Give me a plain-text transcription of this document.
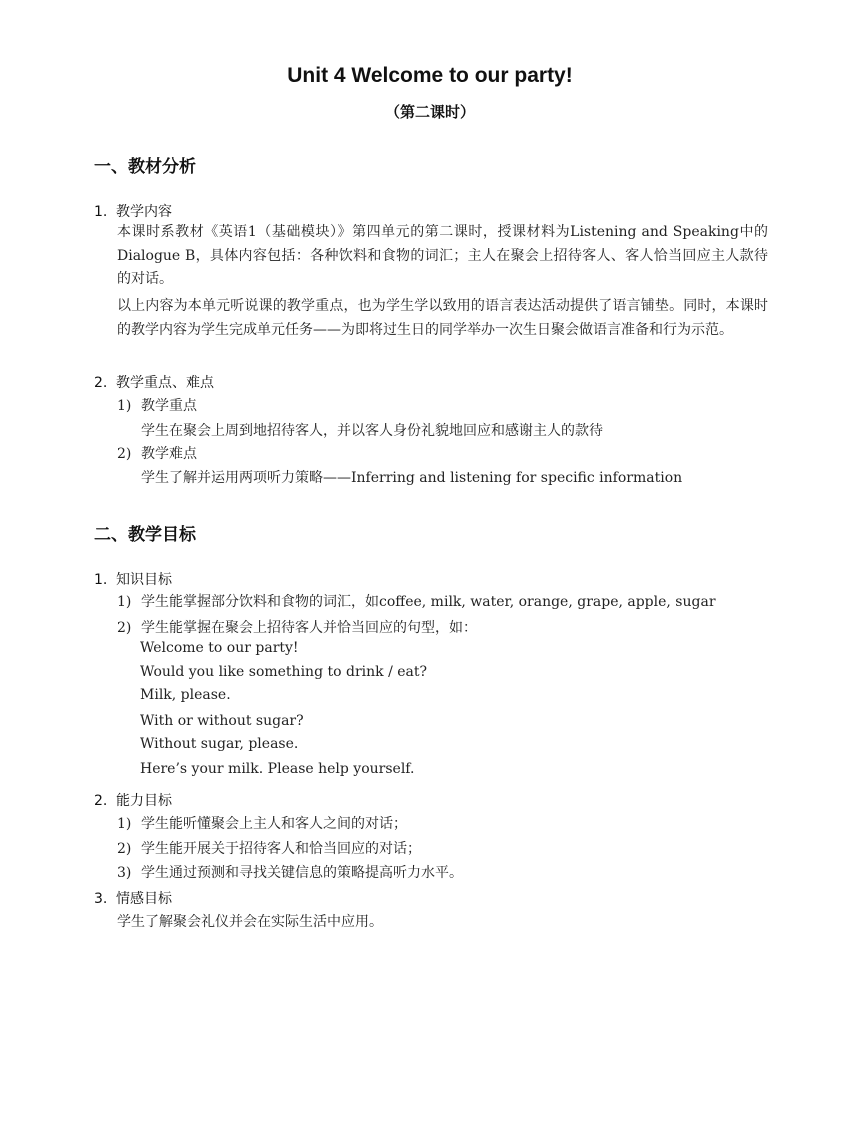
Unit 4 Welcome to our party!
（第二课时）
一、教材分析
1. 教学内容
本课时系教材《英语1（基础模块）》第四单元的第二课时，授课材料为Listening and Speaking中的Dialogue B，具体内容包括：各种饮料和食物的词汇；主人在聚会上招待客人、客人恰当回应主人款待的对话。
以上内容为本单元听说课的教学重点，也为学生学以致用的语言表达活动提供了语言铺垫。同时，本课时的教学内容为学生完成单元任务——为即将过生日的同学举办一次生日聚会做语言准备和行为示范。
2. 教学重点、难点
1) 教学重点
学生在聚会上周到地招待客人，并以客人身份礼貌地回应和感谢主人的款待
2) 教学难点
学生了解并运用两项听力策略——Inferring and listening for specific information
二、教学目标
1. 知识目标
1) 学生能掌握部分饮料和食物的词汇，如coffee, milk, water, orange, grape, apple, sugar
2) 学生能掌握在聚会上招待客人并恰当回应的句型，如：
Welcome to our party!
Would you like something to drink / eat?
Milk, please.
With or without sugar?
Without sugar, please.
Here’s your milk. Please help yourself.
2. 能力目标
1) 学生能听懂聚会上主人和客人之间的对话；
2) 学生能开展关于招待客人和恰当回应的对话；
3) 学生通过预测和寻找关键信息的策略提高听力水平。
3. 情感目标
学生了解聚会礼仪并会在实际生活中应用。
